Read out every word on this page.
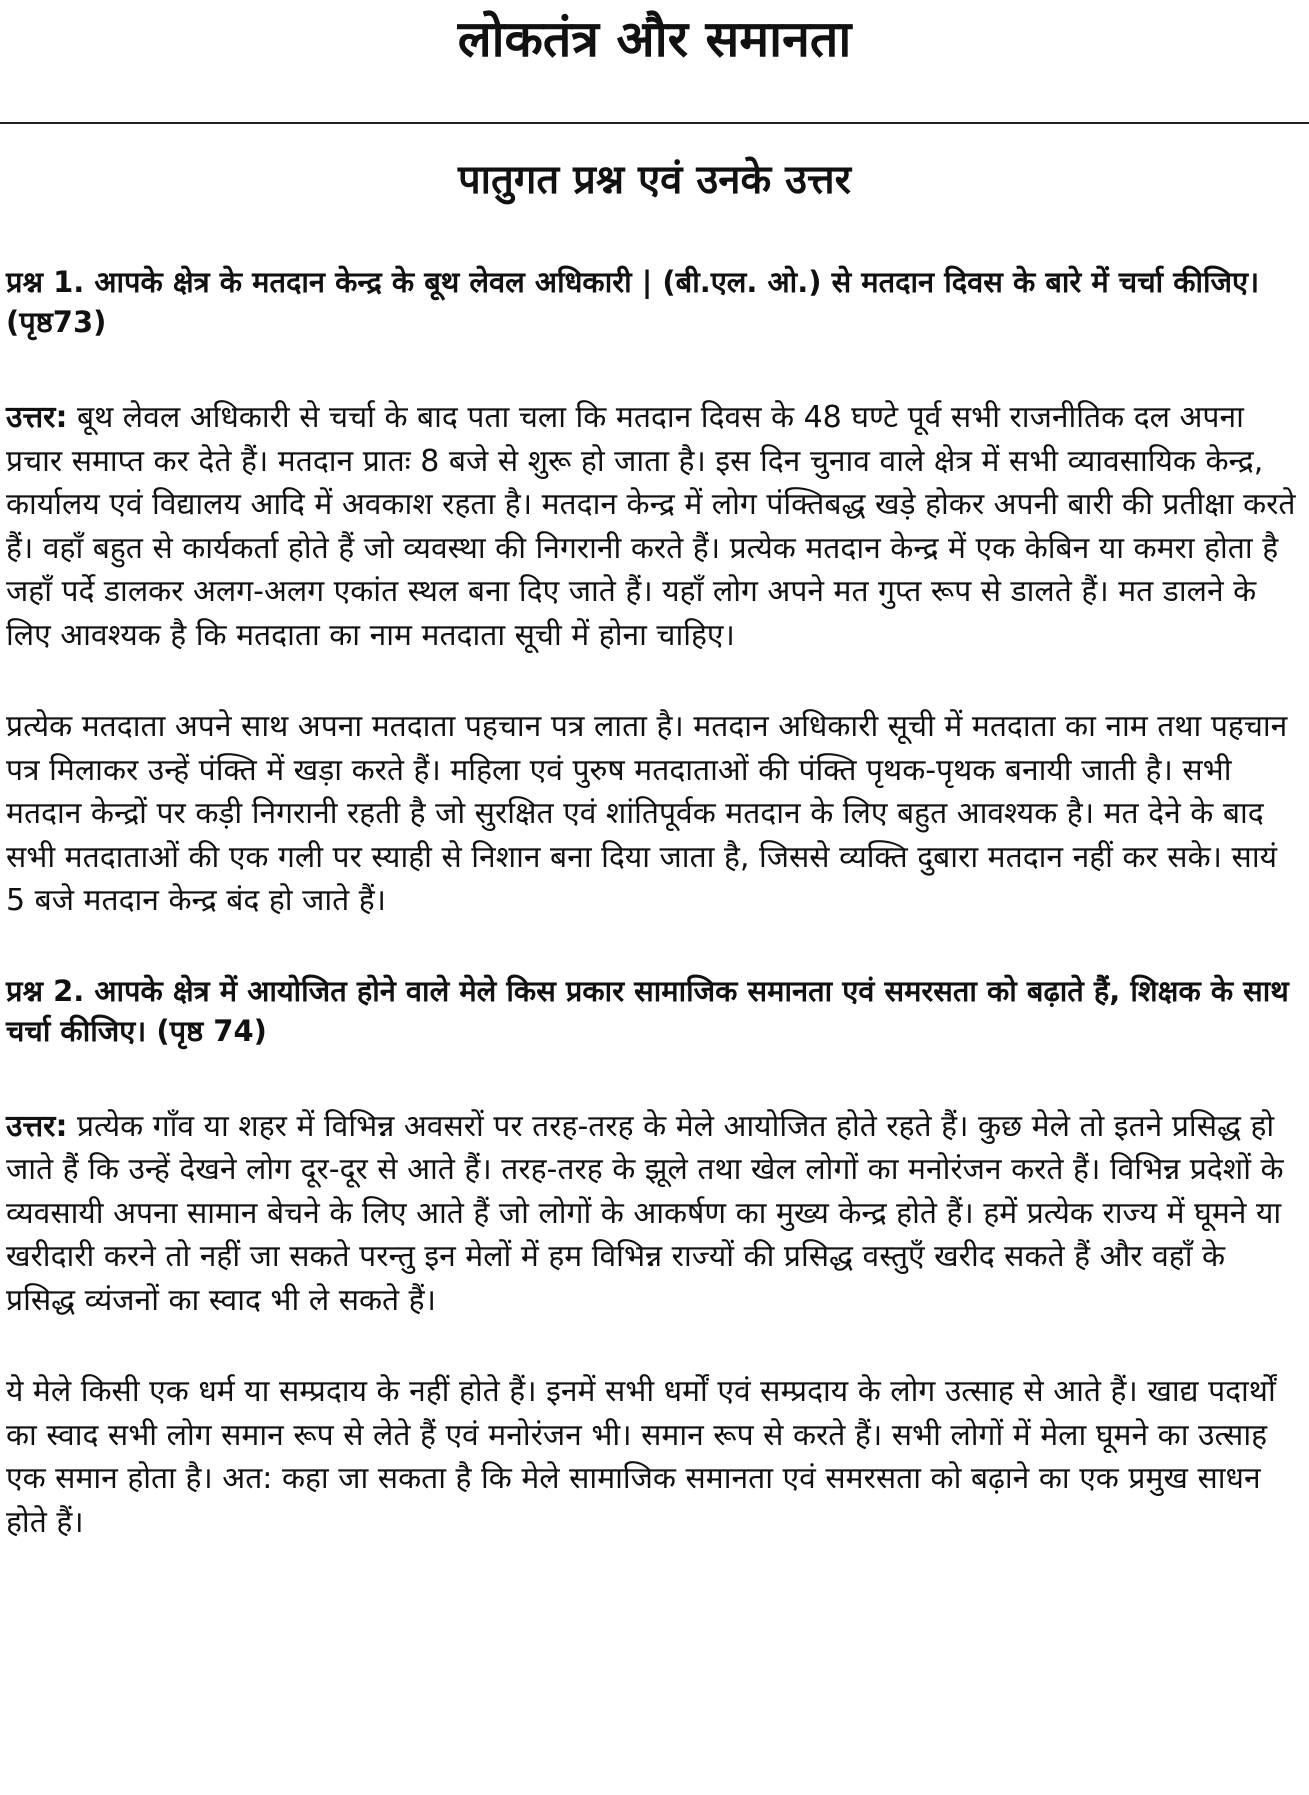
लोकतंत्र और समानता
पातुगत प्रश्न एवं उनके उत्तर

प्रश्न 1. आपके क्षेत्र के मतदान केन्द्र के बूथ लेवल अधिकारी | (बी.एल. ओ.) से मतदान दिवस के बारे में चर्चा कीजिए। (पृष्ठ73)

उत्तर: बूथ लेवल अधिकारी से चर्चा के बाद पता चला कि मतदान दिवस के 48 घण्टे पूर्व सभी राजनीतिक दल अपना प्रचार समाप्त कर देते हैं। मतदान प्रातः 8 बजे से शुरू हो जाता है। इस दिन चुनाव वाले क्षेत्र में सभी व्यावसायिक केन्द्र, कार्यालय एवं विद्यालय आदि में अवकाश रहता है। मतदान केन्द्र में लोग पंक्तिबद्ध खड़े होकर अपनी बारी की प्रतीक्षा करते हैं। वहाँ बहुत से कार्यकर्ता होते हैं जो व्यवस्था की निगरानी करते हैं। प्रत्येक मतदान केन्द्र में एक केबिन या कमरा होता है जहाँ पर्दे डालकर अलग-अलग एकांत स्थल बना दिए जाते हैं। यहाँ लोग अपने मत गुप्त रूप से डालते हैं। मत डालने के लिए आवश्यक है कि मतदाता का नाम मतदाता सूची में होना चाहिए।

प्रत्येक मतदाता अपने साथ अपना मतदाता पहचान पत्र लाता है। मतदान अधिकारी सूची में मतदाता का नाम तथा पहचान पत्र मिलाकर उन्हें पंक्ति में खड़ा करते हैं। महिला एवं पुरुष मतदाताओं की पंक्ति पृथक-पृथक बनायी जाती है। सभी मतदान केन्द्रों पर कड़ी निगरानी रहती है जो सुरक्षित एवं शांतिपूर्वक मतदान के लिए बहुत आवश्यक है। मत देने के बाद सभी मतदाताओं की एक गली पर स्याही से निशान बना दिया जाता है, जिससे व्यक्ति दुबारा मतदान नहीं कर सके। सायं 5 बजे मतदान केन्द्र बंद हो जाते हैं।

प्रश्न 2. आपके क्षेत्र में आयोजित होने वाले मेले किस प्रकार सामाजिक समानता एवं समरसता को बढ़ाते हैं, शिक्षक के साथ चर्चा कीजिए। (पृष्ठ 74)

उत्तर: प्रत्येक गाँव या शहर में विभिन्न अवसरों पर तरह-तरह के मेले आयोजित होते रहते हैं। कुछ मेले तो इतने प्रसिद्ध हो जाते हैं कि उन्हें देखने लोग दूर-दूर से आते हैं। तरह-तरह के झूले तथा खेल लोगों का मनोरंजन करते हैं। विभिन्न प्रदेशों के व्यवसायी अपना सामान बेचने के लिए आते हैं जो लोगों के आकर्षण का मुख्य केन्द्र होते हैं। हमें प्रत्येक राज्य में घूमने या खरीदारी करने तो नहीं जा सकते परन्तु इन मेलों में हम विभिन्न राज्यों की प्रसिद्ध वस्तुएँ खरीद सकते हैं और वहाँ के प्रसिद्ध व्यंजनों का स्वाद भी ले सकते हैं।

ये मेले किसी एक धर्म या सम्प्रदाय के नहीं होते हैं। इनमें सभी धर्मों एवं सम्प्रदाय के लोग उत्साह से आते हैं। खाद्य पदार्थों का स्वाद सभी लोग समान रूप से लेते हैं एवं मनोरंजन भी। समान रूप से करते हैं। सभी लोगों में मेला घूमने का उत्साह एक समान होता है। अत: कहा जा सकता है कि मेले सामाजिक समानता एवं समरसता को बढ़ाने का एक प्रमुख साधन होते हैं।
